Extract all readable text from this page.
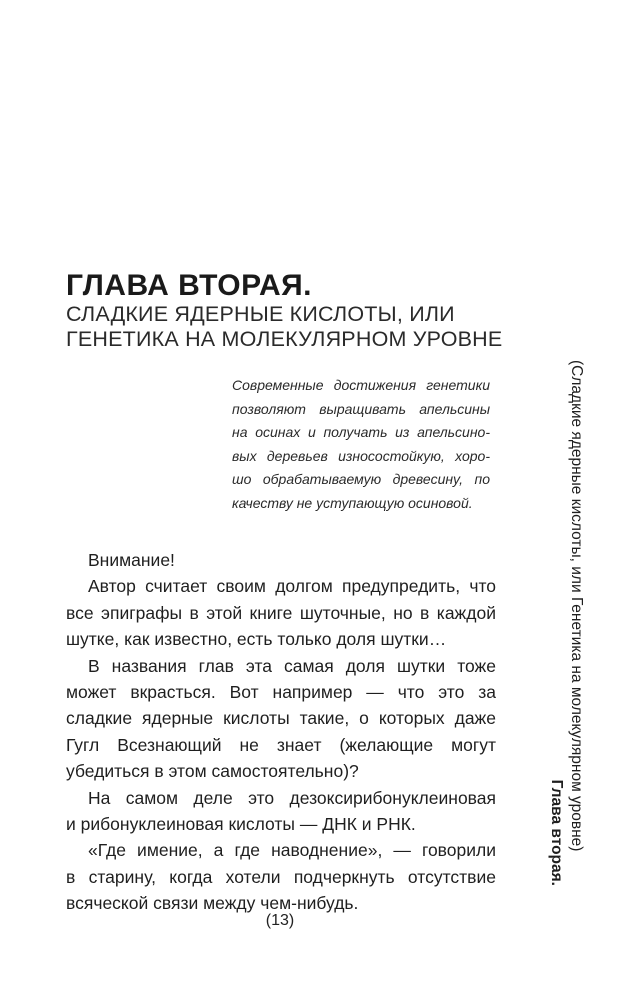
ГЛАВА ВТОРАЯ.
СЛАДКИЕ ЯДЕРНЫЕ КИСЛОТЫ, ИЛИ
ГЕНЕТИКА НА МОЛЕКУЛЯРНОМ УРОВНЕ
Современные достижения генетики
позволяют выращивать апельсины
на осинах и получать из апельсино-
вых деревьев износостойкую, хоро-
шо обрабатываемую древесину, по
качеству не уступающую осиновой.

Внимание!

Автор считает своим долгом предупредить, что
все эпиграфы в этой книге шуточные, но в каждой
шутке, как известно, есть только доля шутки…

В названия глав эта самая доля шутки тоже
может вкрасться. Вот например — что это за
сладкие ядерные кислоты такие, о которых даже
Гугл Всезнающий не знает (желающие могут
убедиться в этом самостоятельно)?

На самом деле это дезоксирибонуклеиновая
и рибонуклеиновая кислоты — ДНК и РНК.

«Где имение, а где наводнение», — говорили
в старину, когда хотели подчеркнуть отсутствие
всяческой связи между чем-нибудь.

(13)
(Сладкие ядерные кислоты, или Генетика на молекулярном уровне)
Глава вторая.
